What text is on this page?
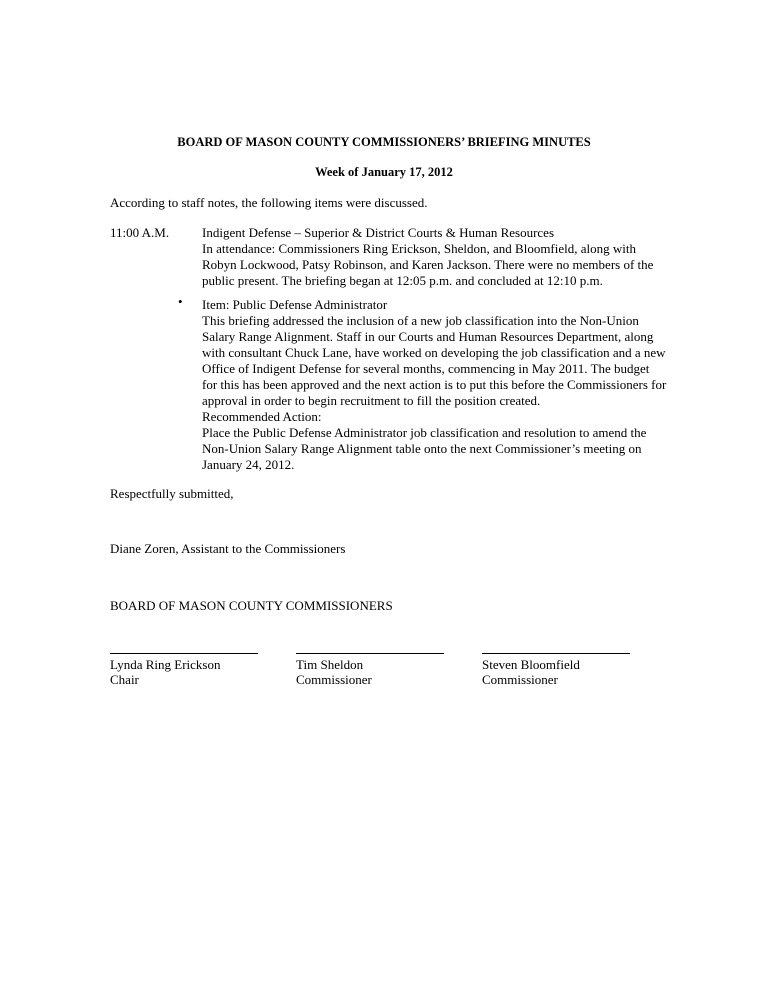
BOARD OF MASON COUNTY COMMISSIONERS’ BRIEFING MINUTES
Week of January 17, 2012
According to staff notes, the following items were discussed.
11:00 A.M.	Indigent Defense – Superior & District Courts & Human Resources
In attendance: Commissioners Ring Erickson, Sheldon, and Bloomfield, along with
Robyn Lockwood, Patsy Robinson, and Karen Jackson. There were no members of the
public present. The briefing began at 12:05 p.m. and concluded at 12:10 p.m.
• Item: Public Defense Administrator
This briefing addressed the inclusion of a new job classification into the Non-Union
Salary Range Alignment. Staff in our Courts and Human Resources Department, along
with consultant Chuck Lane, have worked on developing the job classification and a new
Office of Indigent Defense for several months, commencing in May 2011. The budget
for this has been approved and the next action is to put this before the Commissioners for
approval in order to begin recruitment to fill the position created.
Recommended Action:
Place the Public Defense Administrator job classification and resolution to amend the
Non-Union Salary Range Alignment table onto the next Commissioner’s meeting on
January 24, 2012.
Respectfully submitted,
Diane Zoren, Assistant to the Commissioners
BOARD OF MASON COUNTY COMMISSIONERS
Lynda Ring Erickson
Chair
Tim Sheldon
Commissioner
Steven Bloomfield
Commissioner
